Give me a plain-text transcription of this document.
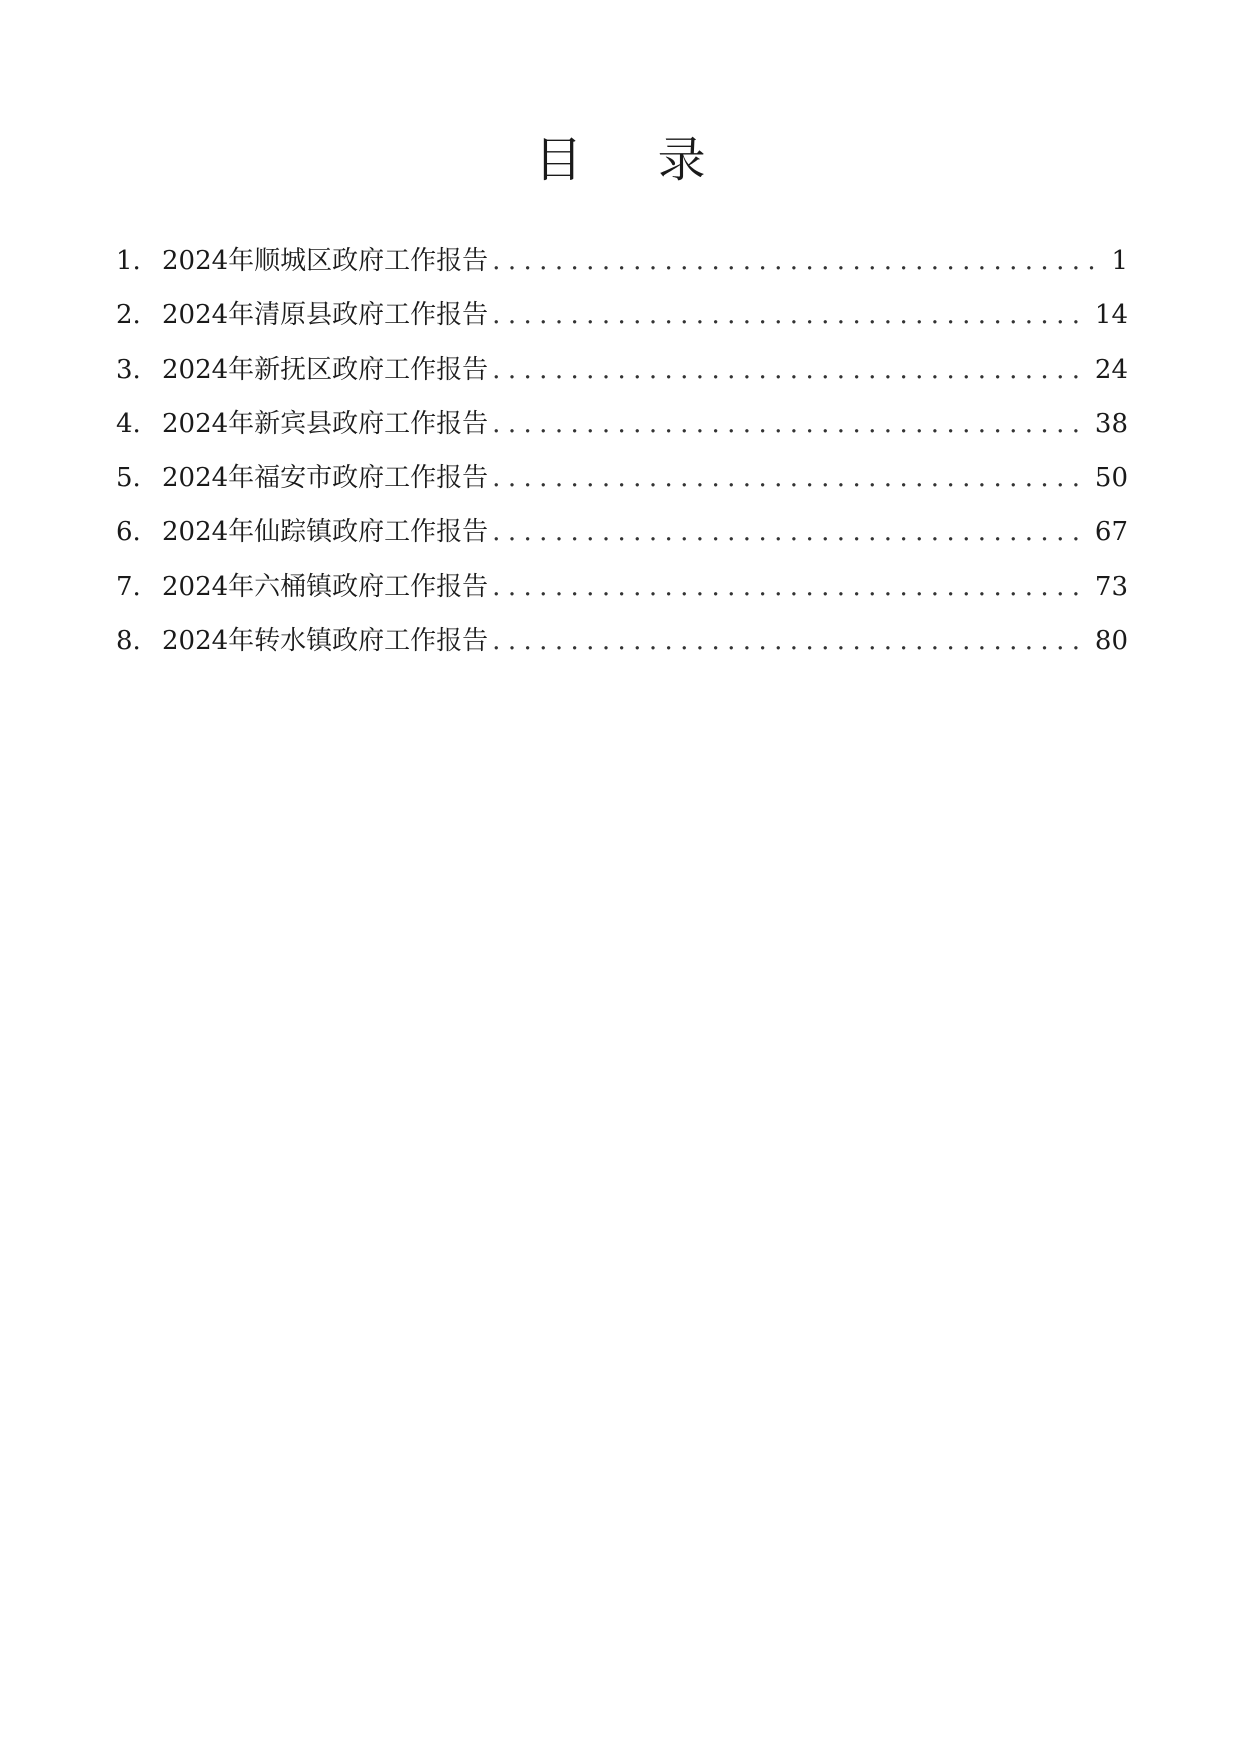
目 录
1. 2024年顺城区政府工作报告 .....	1
2. 2024年清原县政府工作报告 .....	14
3. 2024年新抚区政府工作报告 .....	24
4. 2024年新宾县政府工作报告 .....	38
5. 2024年福安市政府工作报告 .....	50
6. 2024年仙踪镇政府工作报告 .....	67
7. 2024年六桶镇政府工作报告 .....	73
8. 2024年转水镇政府工作报告 .....	80
